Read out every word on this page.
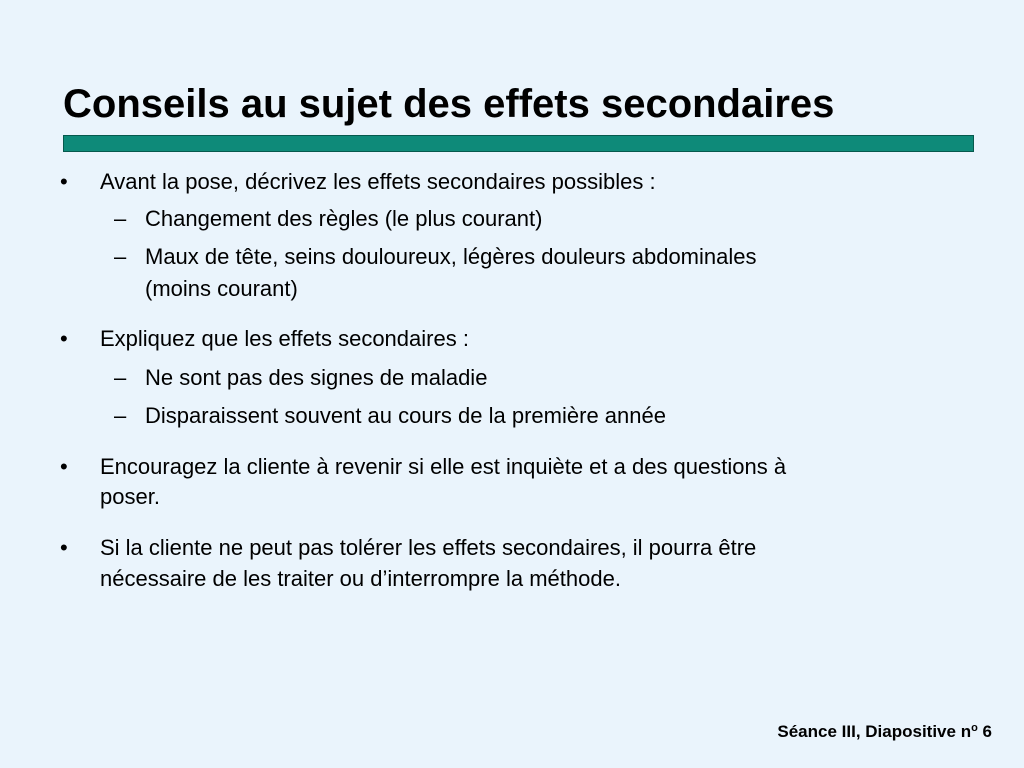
Conseils au sujet des effets secondaires
• Avant la pose, décrivez les effets secondaires possibles :

– Changement des règles (le plus courant)

– Maux de tête, seins douloureux, légères douleurs abdominales

(moins courant)

• Expliquez que les effets secondaires :

– Ne sont pas des signes de maladie

– Disparaissent souvent au cours de la première année

• Encouragez la cliente à revenir si elle est inquiète et a des questions à

poser.

• Si la cliente ne peut pas tolérer les effets secondaires, il pourra être

nécessaire de les traiter ou d’interrompre la méthode.

Séance III, Diapositive $n^o$ 6
